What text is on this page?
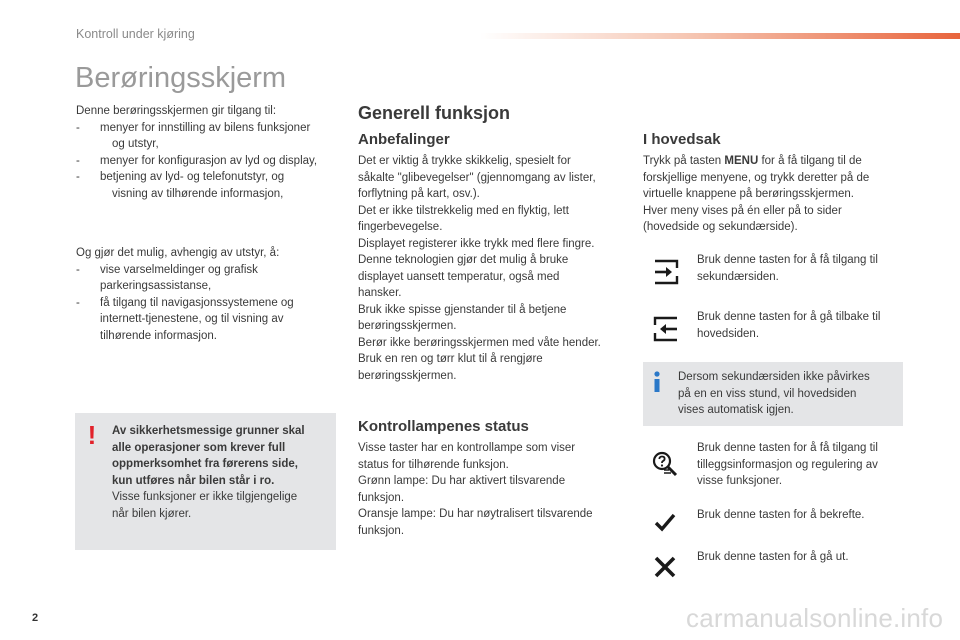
Kontroll under kjøring
Berøringsskjerm

Denne berøringsskjermen gir tilgang til:

- menyer for innstilling av bilens funksjoner
og utstyr,
- menyer for konfigurasjon av lyd og display,
- betjening av lyd- og telefonutstyr, og
visning av tilhørende informasjon,

Og gjør det mulig, avhengig av utstyr, å:

- vise varselmeldinger og grafisk
parkeringsassistanse,
- få tilgang til navigasjonssystemene og
internett-tjenestene, og til visning av
tilhørende informasjon.
! Av sikkerhetsmessige grunner skal

alle operasjoner som krever full

oppmerksomhet fra førerens side,

kun utføres når bilen står i ro.

Visse funksjoner er ikke tilgjengelige

når bilen kjører.

Generell funksjon
Anbefalinger

Det er viktig å trykke skikkelig, spesielt for

såkalte "glibevegelser" (gjennomgang av lister,

forflytning på kart, osv.).

Det er ikke tilstrekkelig med en flyktig, lett

fingerbevegelse.

Displayet registerer ikke trykk med flere fingre.

Denne teknologien gjør det mulig å bruke

displayet uansett temperatur, også med

hansker.

Bruk ikke spisse gjenstander til å betjene

berøringsskjermen.

Berør ikke berøringsskjermen med våte hender.

Bruk en ren og tørr klut til å rengjøre

berøringsskjermen.

Kontrollampenes status

Visse taster har en kontrollampe som viser

status for tilhørende funksjon.

Grønn lampe: Du har aktivert tilsvarende

funksjon.

Oransje lampe: Du har nøytralisert tilsvarende

funksjon.

I hovedsak

Trykk på tasten MENU for å få tilgang til de

forskjellige menyene, og trykk deretter på de

virtuelle knappene på berøringsskjermen.

Hver meny vises på én eller på to sider

(hovedside og sekundærside).

Bruk denne tasten for å få tilgang til

sekundærsiden.

Bruk denne tasten for å gå tilbake til

hovedsiden.

Dersom sekundærsiden ikke påvirkes

på en en viss stund, vil hovedsiden

vises automatisk igjen.

Bruk denne tasten for å få tilgang til

tilleggsinformasjon og regulering av

visse funksjoner.

Bruk denne tasten for å bekrefte.

Bruk denne tasten for å gå ut.

2	carmanualsonline.info
